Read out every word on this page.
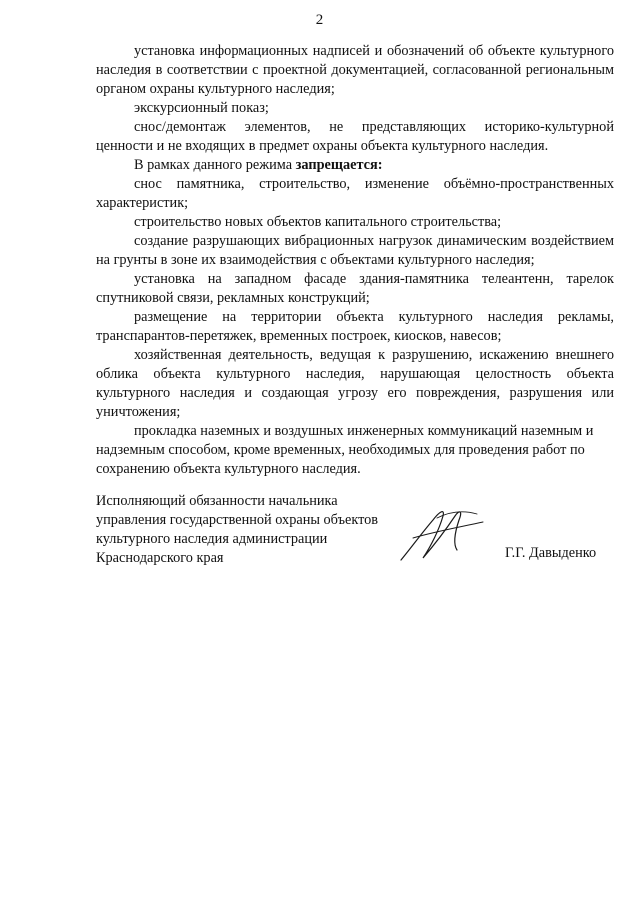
2

установка информационных надписей и обозначений об объекте культурного наследия в соответствии с проектной документацией, согласованной региональным органом охраны культурного наследия;

экскурсионный показ;

снос/демонтаж элементов, не представляющих историко-культурной ценности и не входящих в предмет охраны объекта культурного наследия.

В рамках данного режима запрещается:

снос памятника, строительство, изменение объёмно-пространственных характеристик;

строительство новых объектов капитального строительства;

создание разрушающих вибрационных нагрузок динамическим воздействием на грунты в зоне их взаимодействия с объектами культурного наследия;

установка на западном фасаде здания-памятника телеантенн, тарелок спутниковой связи, рекламных конструкций;

размещение на территории объекта культурного наследия рекламы, транспарантов-перетяжек, временных построек, киосков, навесов;

хозяйственная деятельность, ведущая к разрушению, искажению внешнего облика объекта культурного наследия, нарушающая целостность объекта культурного наследия и создающая угрозу его повреждения, разрушения или уничтожения;

прокладка наземных и воздушных инженерных коммуникаций наземным и надземным способом, кроме временных, необходимых для проведения работ по сохранению объекта культурного наследия.

Исполняющий обязанности начальника
управления государственной охраны объектов
культурного наследия администрации
Краснодарского края	Г.Г. Давыденко
